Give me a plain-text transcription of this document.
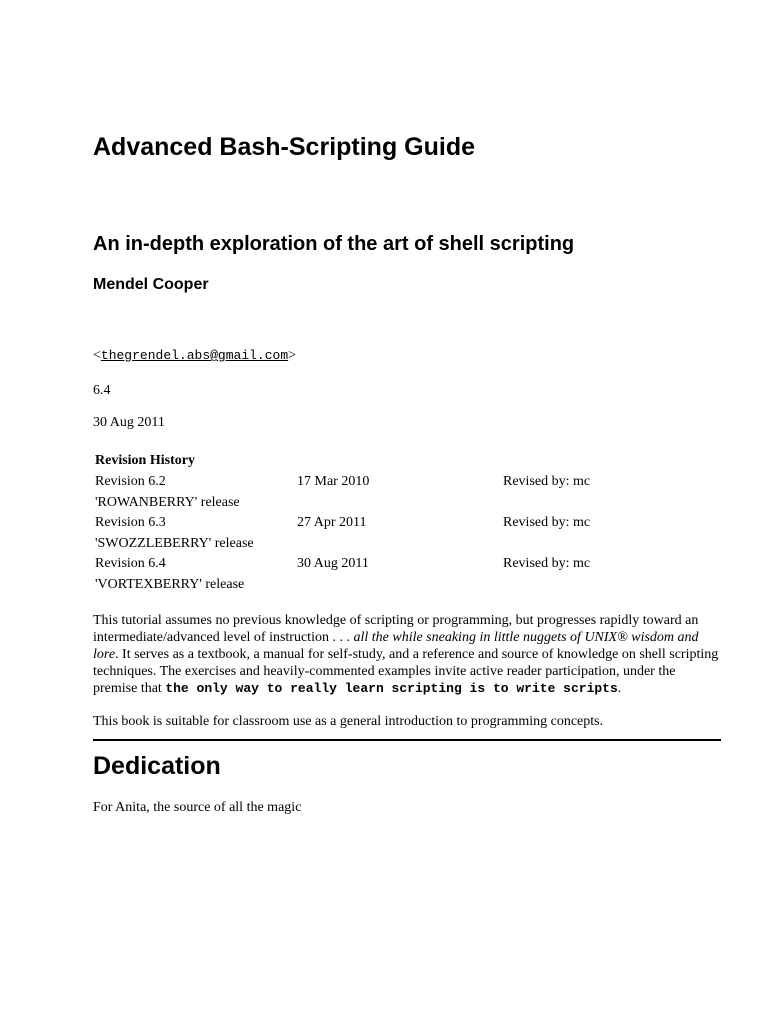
Advanced Bash-Scripting Guide
An in-depth exploration of the art of shell scripting
Mendel Cooper
<thegrendel.abs@gmail.com>
6.4
30 Aug 2011
Revision History
Revision 6.2	17 Mar 2010	Revised by: mc
'ROWANBERRY' release
Revision 6.3	27 Apr 2011	Revised by: mc
'SWOZZLEBERRY' release
Revision 6.4	30 Aug 2011	Revised by: mc
'VORTEXBERRY' release

This tutorial assumes no previous knowledge of scripting or programming, but progresses rapidly toward an intermediate/advanced level of instruction . . . all the while sneaking in little nuggets of UNIX® wisdom and lore. It serves as a textbook, a manual for self-study, and a reference and source of knowledge on shell scripting techniques. The exercises and heavily-commented examples invite active reader participation, under the premise that the only way to really learn scripting is to write scripts.

This book is suitable for classroom use as a general introduction to programming concepts.

Dedication

For Anita, the source of all the magic
